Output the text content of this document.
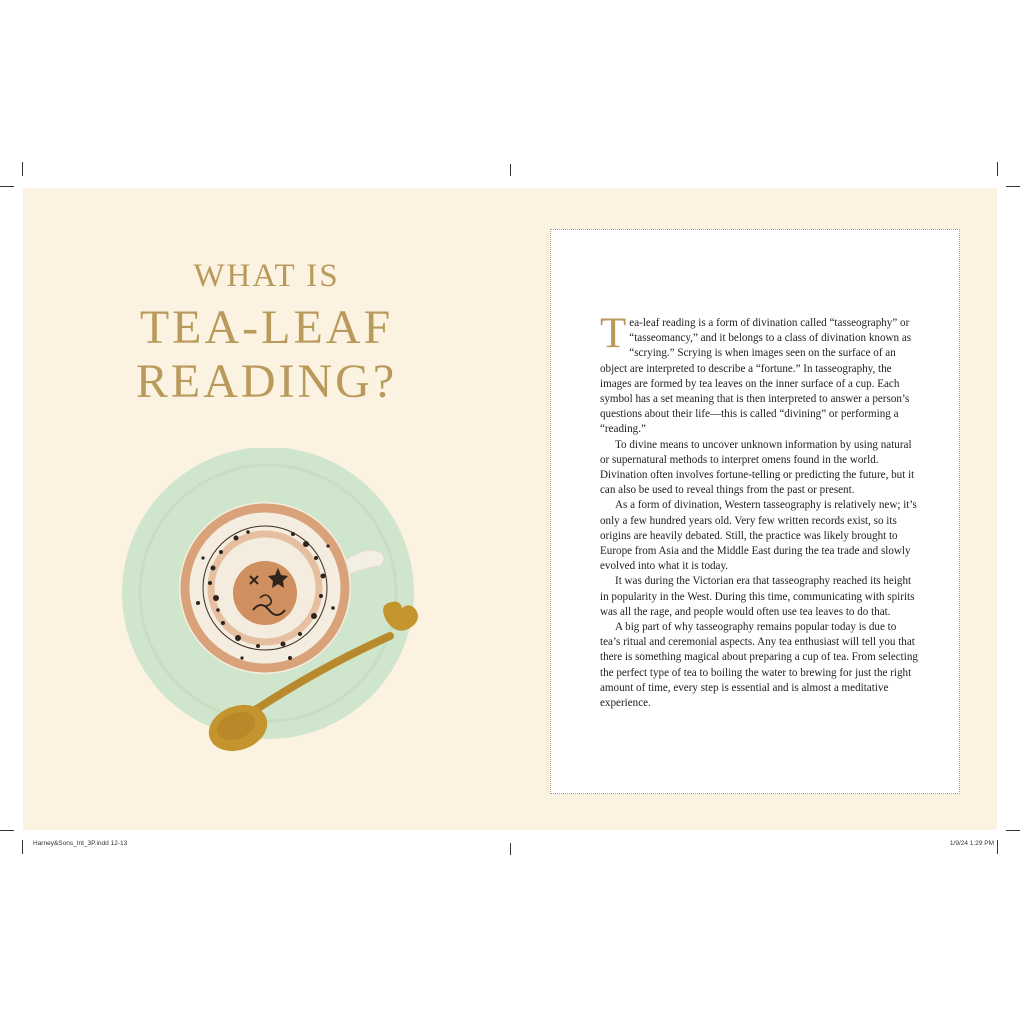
WHAT IS
TEA-LEAF
READING?

Tea-leaf reading is a form of divination called “tasseography” or “tasseomancy,” and it belongs to a class of divination known as “scrying.” Scrying is when images seen on the surface of an object are interpreted to describe a “fortune.” In tasseography, the images are formed by tea leaves on the inner surface of a cup. Each symbol has a set meaning that is then interpreted to answer a person’s questions about their life—this is called “divining” or performing a “reading.”

To divine means to uncover unknown information by using natural or supernatural methods to interpret omens found in the world. Divination often involves fortune-telling or predicting the future, but it can also be used to reveal things from the past or present.

As a form of divination, Western tasseography is relatively new; it’s only a few hundred years old. Very few written records exist, so its origins are heavily debated. Still, the practice was likely brought to Europe from Asia and the Middle East during the tea trade and slowly evolved into what it is today.

It was during the Victorian era that tasseography reached its height in popularity in the West. During this time, communicating with spirits was all the rage, and people would often use tea leaves to do that.

A big part of why tasseography remains popular today is due to tea’s ritual and ceremonial aspects. Any tea enthusiast will tell you that there is something magical about preparing a cup of tea. From selecting the perfect type of tea to boiling the water to brewing for just the right amount of time, every step is essential and is almost a meditative experience.

Harney&Sons_Int_3P.indd 12-13	1/9/24 1:29 PM
